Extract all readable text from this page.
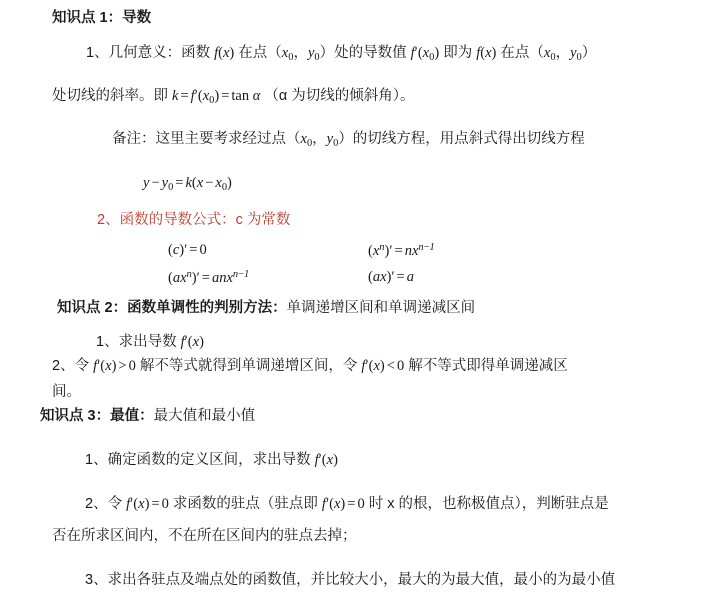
知识点 1：导数
1、几何意义：函数 f(x) 在点（$x_0$，$y_0$）处的导数值 $f'(x_0)$ 即为 f(x) 在点（$x_0$，$y_0$）
处切线的斜率。即 $k = f'(x_0) = \tan \alpha$ （α 为切线的倾斜角）。
备注：这里主要考求经过点（$x_0$，$y_0$）的切线方程，用点斜式得出切线方程
$y - y_0 = k(x - x_0)$
2、函数的导数公式：c 为常数
(c)′ = 0	$(x^n)' = nx^{n-1}$
$(ax^n)' = anx^{n-1}$	(ax)′ = a
知识点 2：函数单调性的判别方法：单调递增区间和单调递减区间
1、求出导数 f′(x)
2、令 f′(x) > 0 解不等式就得到单调递增区间，令 f′(x) < 0 解不等式即得单调递减区
间。
知识点 3：最值：最大值和最小值
1、确定函数的定义区间，求出导数 f′(x)
2、令 f′(x) = 0 求函数的驻点（驻点即 f′(x) = 0 时 x 的根，也称极值点），判断驻点是
否在所求区间内，不在所在区间内的驻点去掉；
3、求出各驻点及端点处的函数值，并比较大小，最大的为最大值，最小的为最小值
